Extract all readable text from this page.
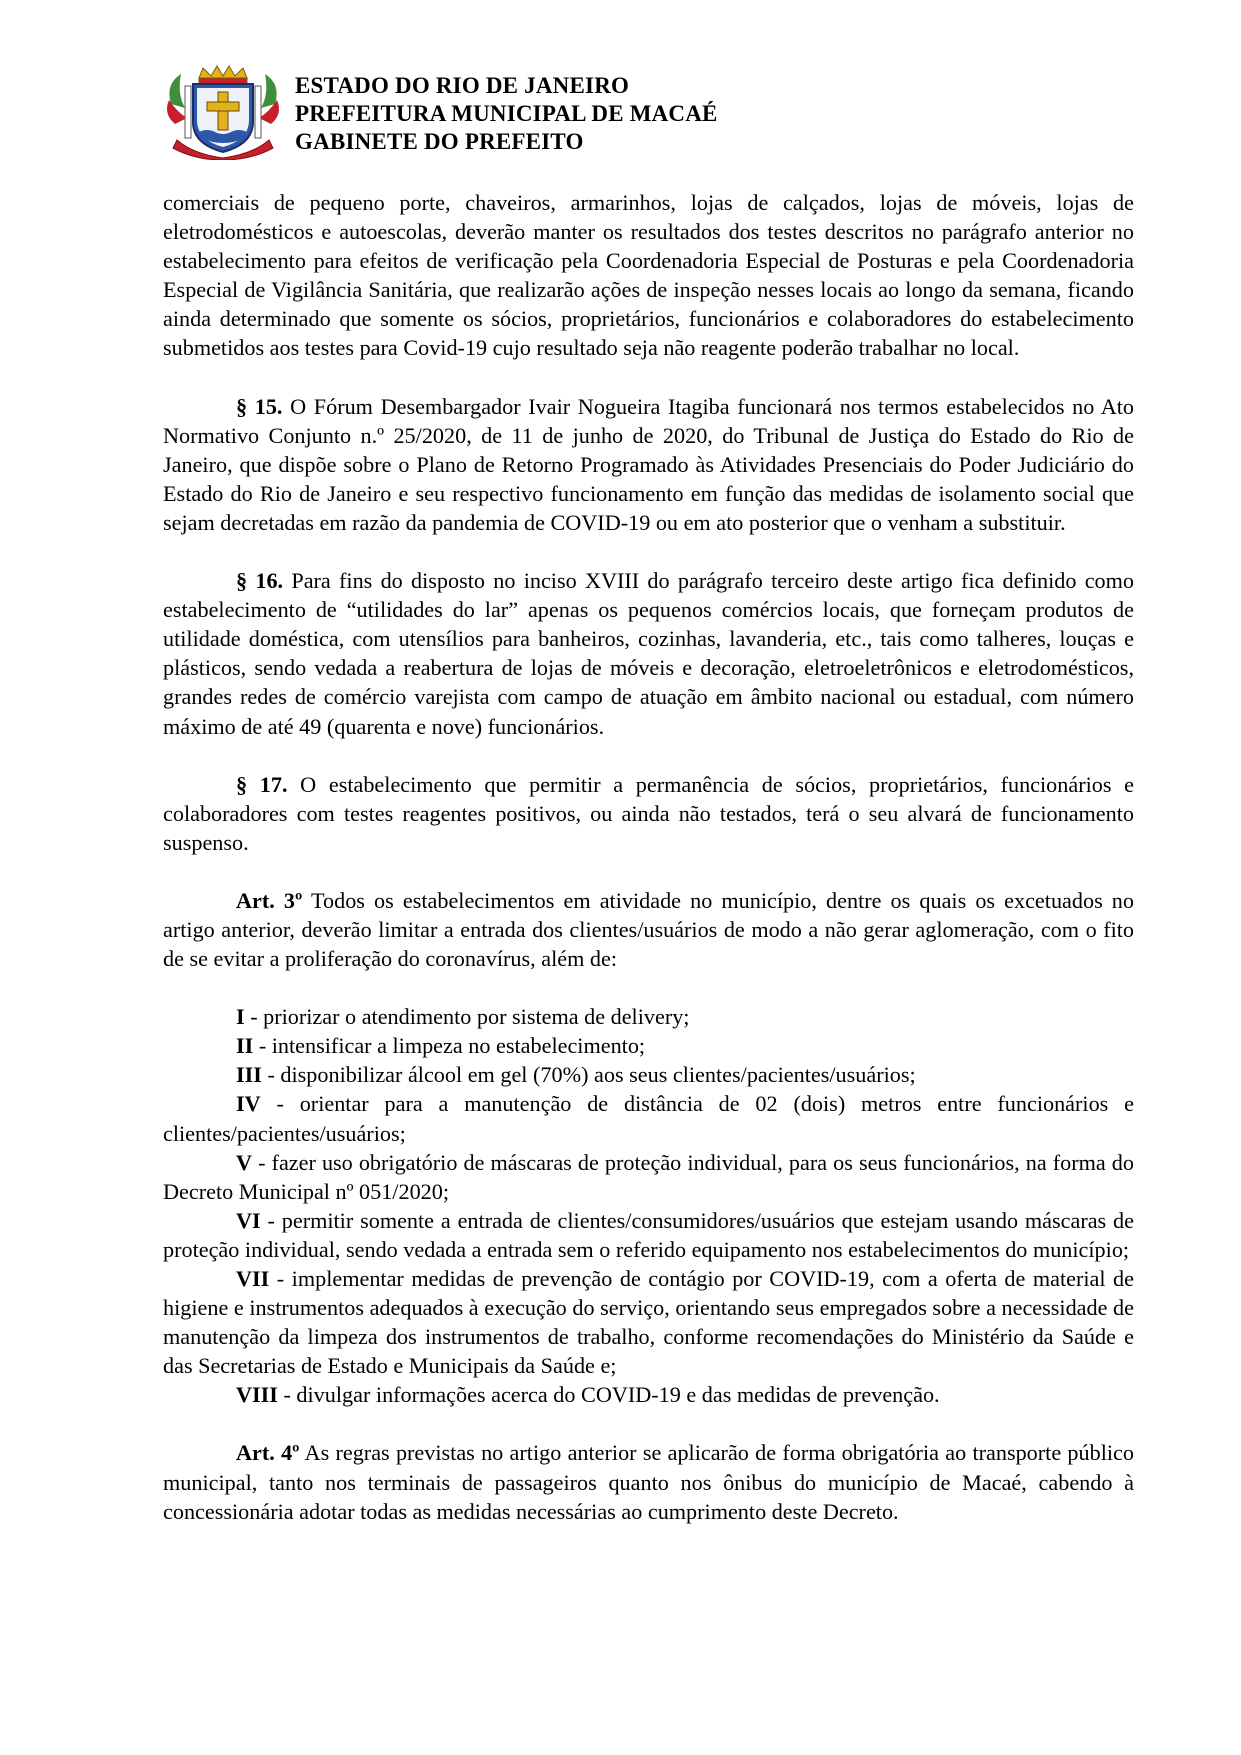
ESTADO DO RIO DE JANEIRO
PREFEITURA MUNICIPAL DE MACAÉ
GABINETE DO PREFEITO

comerciais de pequeno porte, chaveiros, armarinhos, lojas de calçados, lojas de móveis, lojas de eletrodomésticos e autoescolas, deverão manter os resultados dos testes descritos no parágrafo anterior no estabelecimento para efeitos de verificação pela Coordenadoria Especial de Posturas e pela Coordenadoria Especial de Vigilância Sanitária, que realizarão ações de inspeção nesses locais ao longo da semana, ficando ainda determinado que somente os sócios, proprietários, funcionários e colaboradores do estabelecimento submetidos aos testes para Covid-19 cujo resultado seja não reagente poderão trabalhar no local.

§ 15. O Fórum Desembargador Ivair Nogueira Itagiba funcionará nos termos estabelecidos no Ato Normativo Conjunto n.º 25/2020, de 11 de junho de 2020, do Tribunal de Justiça do Estado do Rio de Janeiro, que dispõe sobre o Plano de Retorno Programado às Atividades Presenciais do Poder Judiciário do Estado do Rio de Janeiro e seu respectivo funcionamento em função das medidas de isolamento social que sejam decretadas em razão da pandemia de COVID-19 ou em ato posterior que o venham a substituir.

§ 16. Para fins do disposto no inciso XVIII do parágrafo terceiro deste artigo fica definido como estabelecimento de “utilidades do lar” apenas os pequenos comércios locais, que forneçam produtos de utilidade doméstica, com utensílios para banheiros, cozinhas, lavanderia, etc., tais como talheres, louças e plásticos, sendo vedada a reabertura de lojas de móveis e decoração, eletroeletrônicos e eletrodomésticos, grandes redes de comércio varejista com campo de atuação em âmbito nacional ou estadual, com número máximo de até 49 (quarenta e nove) funcionários.

§ 17. O estabelecimento que permitir a permanência de sócios, proprietários, funcionários e colaboradores com testes reagentes positivos, ou ainda não testados, terá o seu alvará de funcionamento suspenso.

Art. 3º Todos os estabelecimentos em atividade no município, dentre os quais os excetuados no artigo anterior, deverão limitar a entrada dos clientes/usuários de modo a não gerar aglomeração, com o fito de se evitar a proliferação do coronavírus, além de:

I - priorizar o atendimento por sistema de delivery;

II - intensificar a limpeza no estabelecimento;

III - disponibilizar álcool em gel (70%) aos seus clientes/pacientes/usuários;

IV - orientar para a manutenção de distância de 02 (dois) metros entre funcionários e clientes/pacientes/usuários;

V - fazer uso obrigatório de máscaras de proteção individual, para os seus funcionários, na forma do Decreto Municipal nº 051/2020;

VI - permitir somente a entrada de clientes/consumidores/usuários que estejam usando máscaras de proteção individual, sendo vedada a entrada sem o referido equipamento nos estabelecimentos do município;

VII - implementar medidas de prevenção de contágio por COVID-19, com a oferta de material de higiene e instrumentos adequados à execução do serviço, orientando seus empregados sobre a necessidade de manutenção da limpeza dos instrumentos de trabalho, conforme recomendações do Ministério da Saúde e das Secretarias de Estado e Municipais da Saúde e;

VIII - divulgar informações acerca do COVID-19 e das medidas de prevenção.

Art. 4º As regras previstas no artigo anterior se aplicarão de forma obrigatória ao transporte público municipal, tanto nos terminais de passageiros quanto nos ônibus do município de Macaé, cabendo à concessionária adotar todas as medidas necessárias ao cumprimento deste Decreto.
